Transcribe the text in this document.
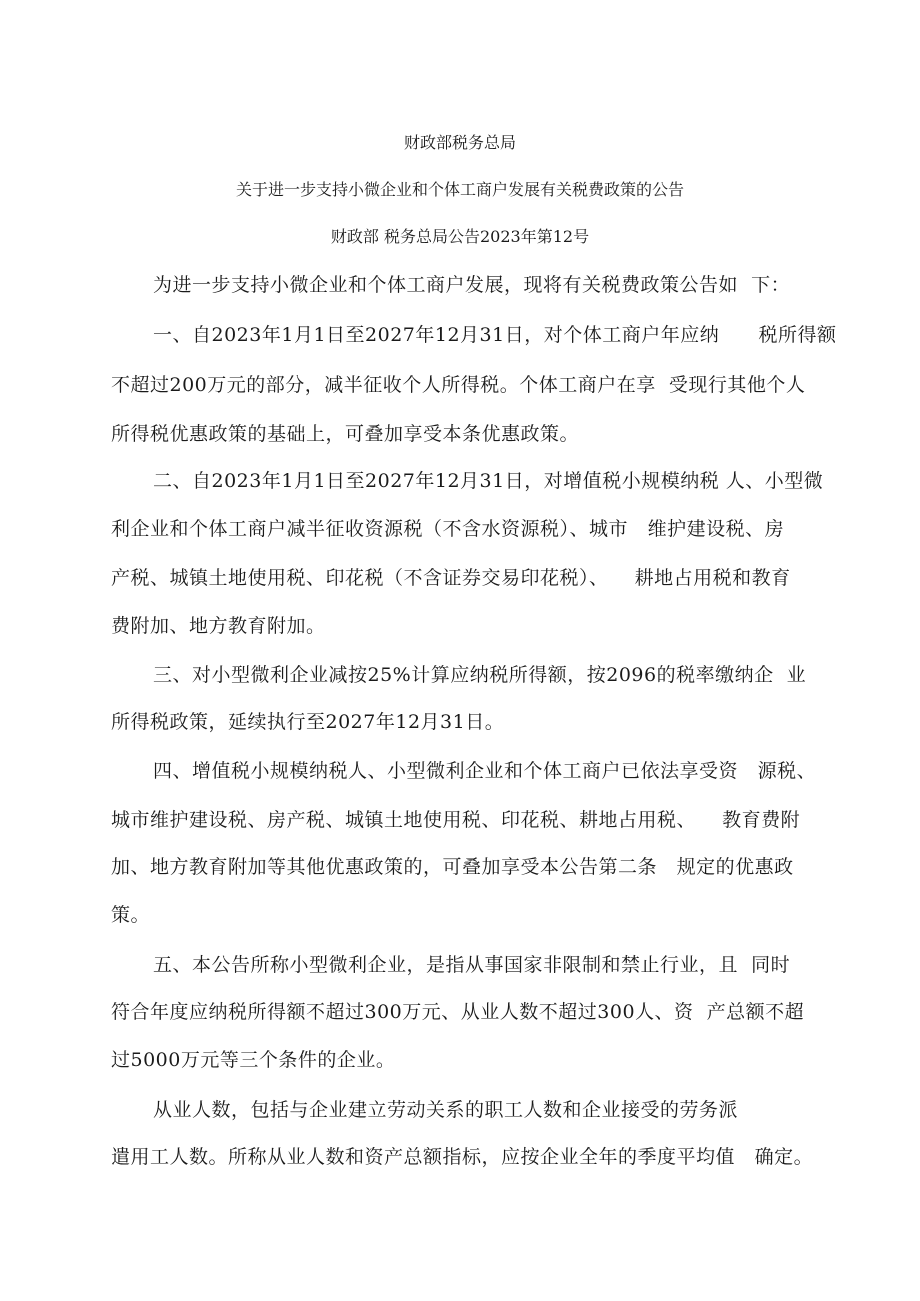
财政部税务总局
关于进一步支持小微企业和个体工商户发展有关税费政策的公告
财政部 税务总局公告2023年第12号
为进一步支持小微企业和个体工商户发展，现将有关税费政策公告如  下：
一、自2023年1月1日至2027年12月31日，对个体工商户年应纳      税所得额
不超过200万元的部分，减半征收个人所得税。个体工商户在享  受现行其他个人
所得税优惠政策的基础上，可叠加享受本条优惠政策。
二、自2023年1月1日至2027年12月31日，对增值税小规模纳税 人、小型微
利企业和个体工商户减半征收资源税（不含水资源税）、城市   维护建设税、房
产税、城镇土地使用税、印花税（不含证券交易印花税）、    耕地占用税和教育
费附加、地方教育附加。
三、对小型微利企业减按25%计算应纳税所得额，按2096的税率缴纳企  业
所得税政策，延续执行至2027年12月31日。
四、增值税小规模纳税人、小型微利企业和个体工商户已依法享受资   源税、
城市维护建设税、房产税、城镇土地使用税、印花税、耕地占用税、    教育费附
加、地方教育附加等其他优惠政策的，可叠加享受本公告第二条   规定的优惠政
策。
五、本公告所称小型微利企业，是指从事国家非限制和禁止行业，且  同时
符合年度应纳税所得额不超过300万元、从业人数不超过300人、资  产总额不超
过5000万元等三个条件的企业。
从业人数，包括与企业建立劳动关系的职工人数和企业接受的劳务派
遣用工人数。所称从业人数和资产总额指标，应按企业全年的季度平均值   确定。
